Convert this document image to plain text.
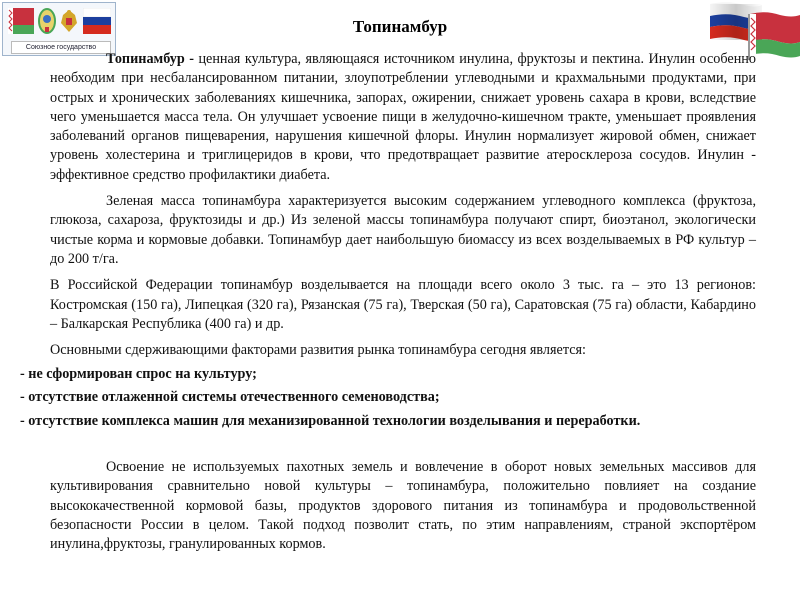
Союзное государство
Топинамбур

Топинамбур - ценная культура, являющаяся источником инулина, фруктозы и пектина. Инулин особенно необходим при несбалансированном питании, злоупотреблении углеводными и крахмальными продуктами, при острых и хронических заболеваниях кишечника, запорах, ожирении, снижает уровень сахара в крови, вследствие чего уменьшается масса тела. Он улучшает усвоение пищи в желудочно-кишечном тракте, уменьшает проявления заболеваний органов пищеварения, нарушения кишечной флоры. Инулин нормализует жировой обмен, снижает уровень холестерина и триглицеридов в крови, что предотвращает развитие атеросклероза сосудов. Инулин - эффективное средство профилактики диабета.

Зеленая масса топинамбура характеризуется высоким содержанием углеводного комплекса (фруктоза, глюкоза, сахароза, фруктозиды и др.) Из зеленой массы топинамбура получают спирт, биоэтанол, экологически чистые корма и кормовые добавки. Топинамбур дает наибольшую биомассу из всех возделываемых в РФ культур – до 200 т/га.

В Российской Федерации топинамбур возделывается на площади всего около 3 тыс. га – это 13 регионов: Костромская (150 га), Липецкая (320 га), Рязанская (75 га), Тверская (50 га), Саратовская (75 га) области, Кабардино – Балкарская Республика (400 га) и др.

Основными сдерживающими факторами развития рынка топинамбура сегодня является:

- не сформирован спрос на культуру;
- отсутствие отлаженной системы отечественного семеноводства;
- отсутствие комплекса машин для механизированной технологии возделывания и переработки.

Освоение не используемых пахотных земель и вовлечение в оборот новых земельных массивов для культивирования сравнительно новой культуры – топинамбура, положительно повлияет на создание высококачественной кормовой базы, продуктов здорового питания из топинамбура и продовольственной безопасности России в целом. Такой подход позволит стать, по этим направлениям, страной экспортёром инулина,фруктозы, гранулированных кормов.
